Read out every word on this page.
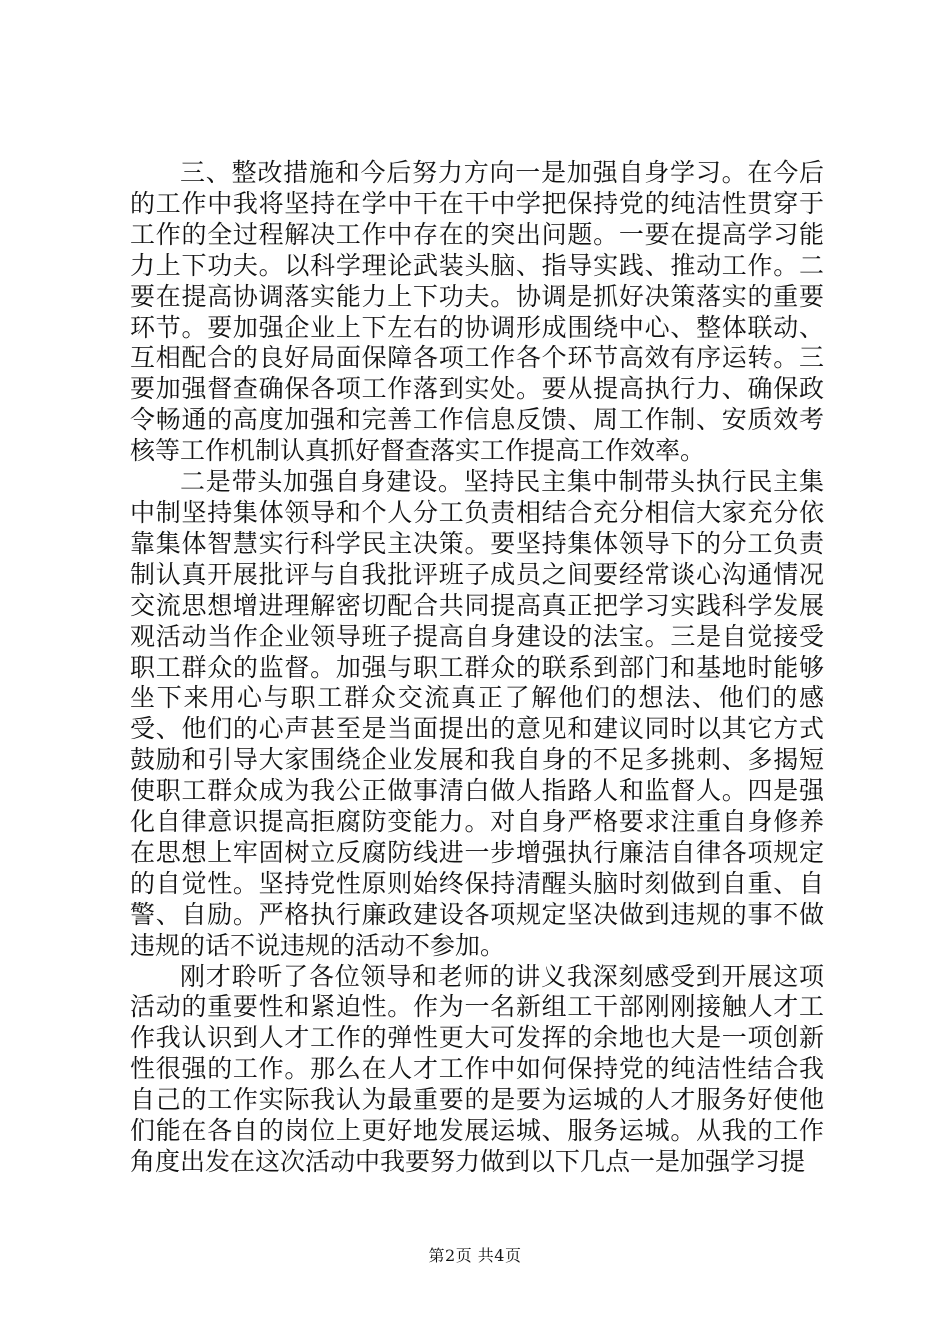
三、整改措施和今后努力方向一是加强自身学习。在今后的工作中我将坚持在学中干在干中学把保持党的纯洁性贯穿于工作的全过程解决工作中存在的突出问题。一要在提高学习能力上下功夫。以科学理论武装头脑、指导实践、推动工作。二要在提高协调落实能力上下功夫。协调是抓好决策落实的重要环节。要加强企业上下左右的协调形成围绕中心、整体联动、互相配合的良好局面保障各项工作各个环节高效有序运转。三要加强督查确保各项工作落到实处。要从提高执行力、确保政令畅通的高度加强和完善工作信息反馈、周工作制、安质效考核等工作机制认真抓好督查落实工作提高工作效率。

二是带头加强自身建设。坚持民主集中制带头执行民主集中制坚持集体领导和个人分工负责相结合充分相信大家充分依靠集体智慧实行科学民主决策。要坚持集体领导下的分工负责制认真开展批评与自我批评班子成员之间要经常谈心沟通情况交流思想增进理解密切配合共同提高真正把学习实践科学发展观活动当作企业领导班子提高自身建设的法宝。三是自觉接受职工群众的监督。加强与职工群众的联系到部门和基地时能够坐下来用心与职工群众交流真正了解他们的想法、他们的感受、他们的心声甚至是当面提出的意见和建议同时以其它方式鼓励和引导大家围绕企业发展和我自身的不足多挑刺、多揭短使职工群众成为我公正做事清白做人指路人和监督人。四是强化自律意识提高拒腐防变能力。对自身严格要求注重自身修养在思想上牢固树立反腐防线进一步增强执行廉洁自律各项规定的自觉性。坚持党性原则始终保持清醒头脑时刻做到自重、自警、自励。严格执行廉政建设各项规定坚决做到违规的事不做违规的话不说违规的活动不参加。

刚才聆听了各位领导和老师的讲义我深刻感受到开展这项活动的重要性和紧迫性。作为一名新组工干部刚刚接触人才工作我认识到人才工作的弹性更大可发挥的余地也大是一项创新性很强的工作。那么在人才工作中如何保持党的纯洁性结合我自己的工作实际我认为最重要的是要为运城的人才服务好使他们能在各自的岗位上更好地发展运城、服务运城。从我的工作角度出发在这次活动中我要努力做到以下几点一是加强学习提

第2页 共4页
